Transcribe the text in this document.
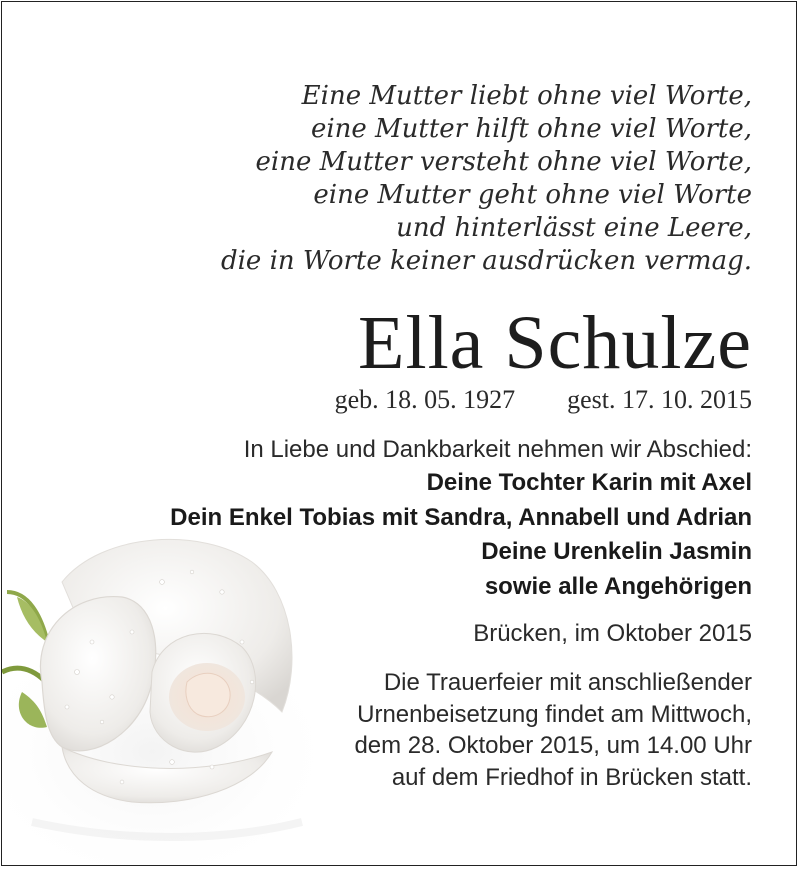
Eine Mutter liebt ohne viel Worte,
eine Mutter hilft ohne viel Worte,
eine Mutter versteht ohne viel Worte,
eine Mutter geht ohne viel Worte
und hinterlässt eine Leere,
die in Worte keiner ausdrücken vermag.
Ella Schulze
geb. 18. 05. 1927 gest. 17. 10. 2015
In Liebe und Dankbarkeit nehmen wir Abschied:
Deine Tochter Karin mit Axel
Dein Enkel Tobias mit Sandra, Annabell und Adrian
Deine Urenkelin Jasmin
sowie alle Angehörigen
Brücken, im Oktober 2015
Die Trauerfeier mit anschließender
Urnenbeisetzung findet am Mittwoch,
dem 28. Oktober 2015, um 14.00 Uhr
auf dem Friedhof in Brücken statt.
